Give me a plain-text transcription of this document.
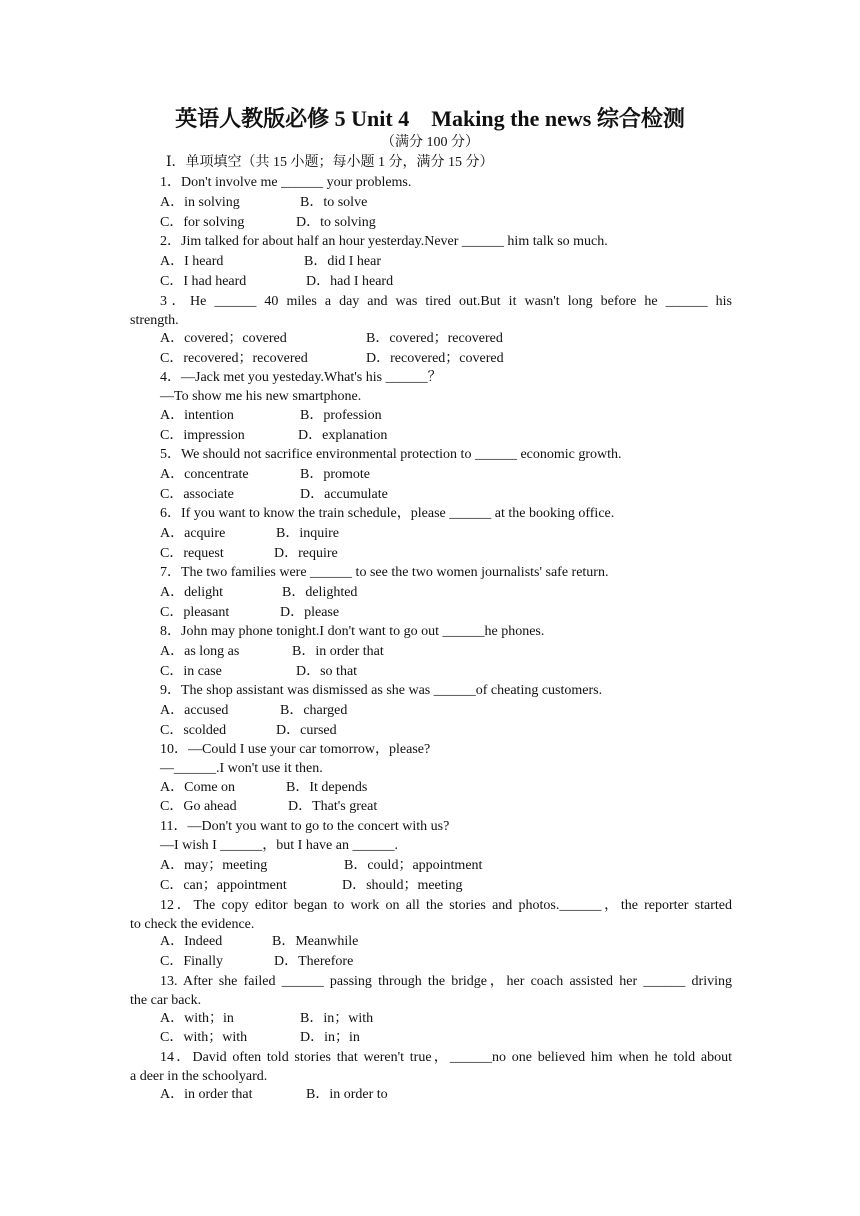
英语人教版必修 5 Unit 4　Making the news 综合检测
（满分 100 分）
Ⅰ．单项填空（共 15 小题；每小题 1 分，满分 15 分）
1．Don't involve me ______ your problems.
A．in solving	B．to solve
C．for solving	D．to solving
2．Jim talked for about half an hour yesterday.Never ______ him talk so much.
A．I heard	B．did I hear
C．I had heard	D．had I heard
3．He ______ 40 miles a day and was tired out.But it wasn't long before he ______ his
strength.
A．covered；covered	B．covered；recovered
C．recovered；recovered	D．recovered；covered
4．—Jack met you yesteday.What's his ______？
—To show me his new smartphone.
A．intention	B．profession
C．impression	D．explanation
5．We should not sacrifice environmental protection to ______ economic growth.
A．concentrate	B．promote
C．associate	D．accumulate
6．If you want to know the train schedule，please ______ at the booking office.
A．acquire	B．inquire
C．request	D．require
7．The two families were ______ to see the two women journalists' safe return.
A．delight	B．delighted
C．pleasant	D．please
8．John may phone tonight.I don't want to go out ______he phones.
A．as long as	B．in order that
C．in case	D．so that
9．The shop assistant was dismissed as she was ______of cheating customers.
A．accused	B．charged
C．scolded	D．cursed
10．—Could I use your car tomorrow，please?
—______.I won't use it then.
A．Come on	B．It depends
C．Go ahead	D．That's great
11．—Don't you want to go to the concert with us?
—I wish I ______，but I have an ______.
A．may；meeting	B．could；appointment
C．can；appointment	D．should；meeting
12．The copy editor began to work on all the stories and photos.______，the reporter started
to check the evidence.
A．Indeed	B．Meanwhile
C．Finally	D．Therefore
13. After she failed ______ passing through the bridge，her coach assisted her ______ driving
the car back.
A．with；in	B．in；with
C．with；with	D．in；in
14．David often told stories that weren't true，______no one believed him when he told about
a deer in the schoolyard.
A．in order that	B．in order to
